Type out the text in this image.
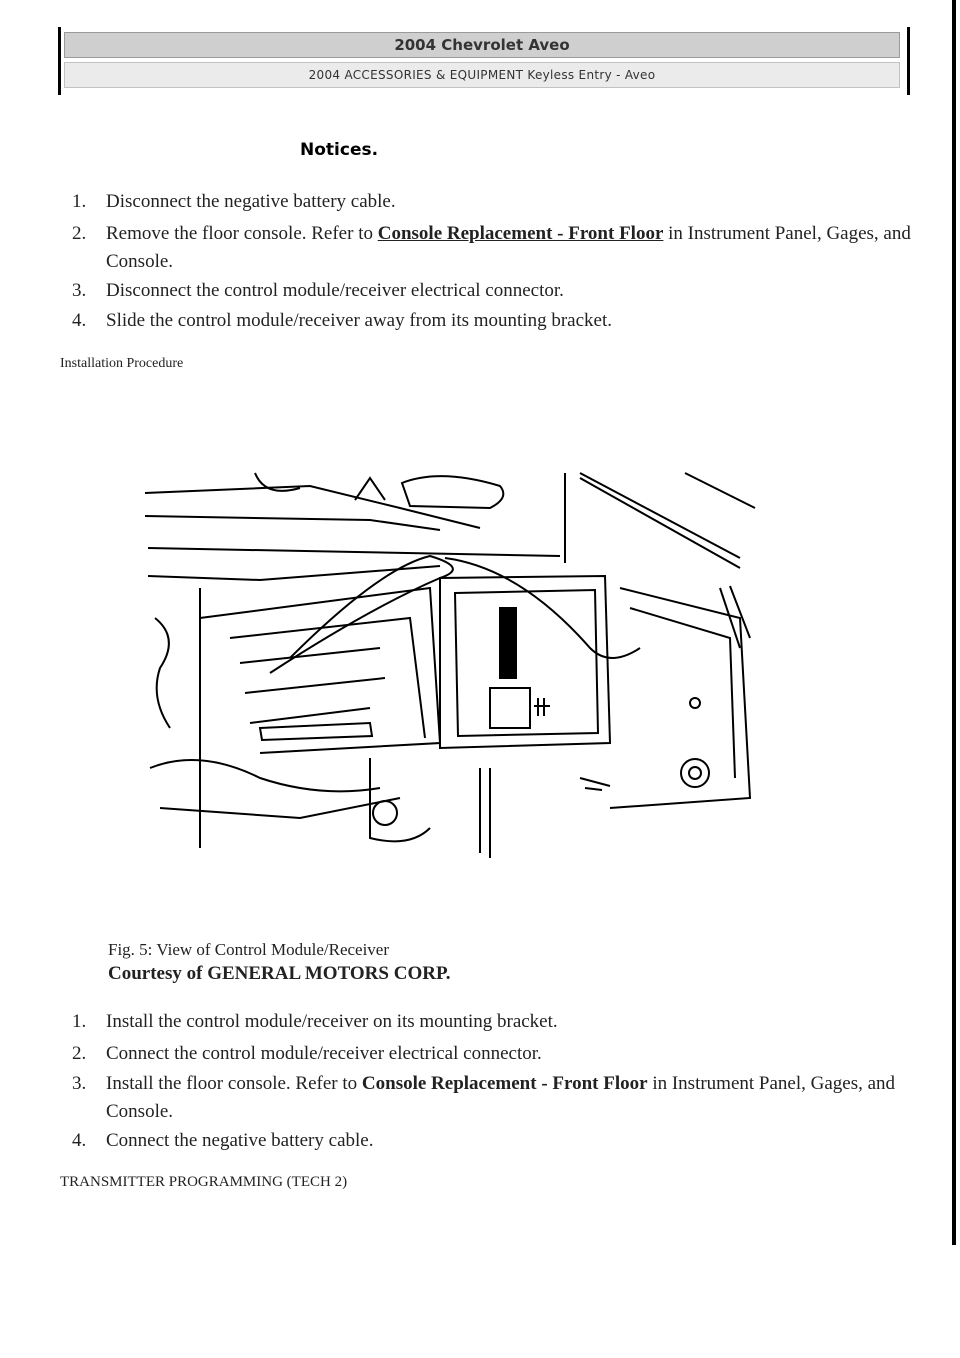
2004 Chevrolet Aveo
2004 ACCESSORIES & EQUIPMENT Keyless Entry - Aveo
Notices.
1.	Disconnect the negative battery cable.
2.	Remove the floor console. Refer to Console Replacement - Front Floor in Instrument Panel, Gages, and Console.
3.	Disconnect the control module/receiver electrical connector.
4.	Slide the control module/receiver away from its mounting bracket.
Installation Procedure
Fig. 5: View of Control Module/Receiver
Courtesy of GENERAL MOTORS CORP.
1.	Install the control module/receiver on its mounting bracket.
2.	Connect the control module/receiver electrical connector.
3.	Install the floor console. Refer to Console Replacement - Front Floor in Instrument Panel, Gages, and Console.
4.	Connect the negative battery cable.
TRANSMITTER PROGRAMMING (TECH 2)
